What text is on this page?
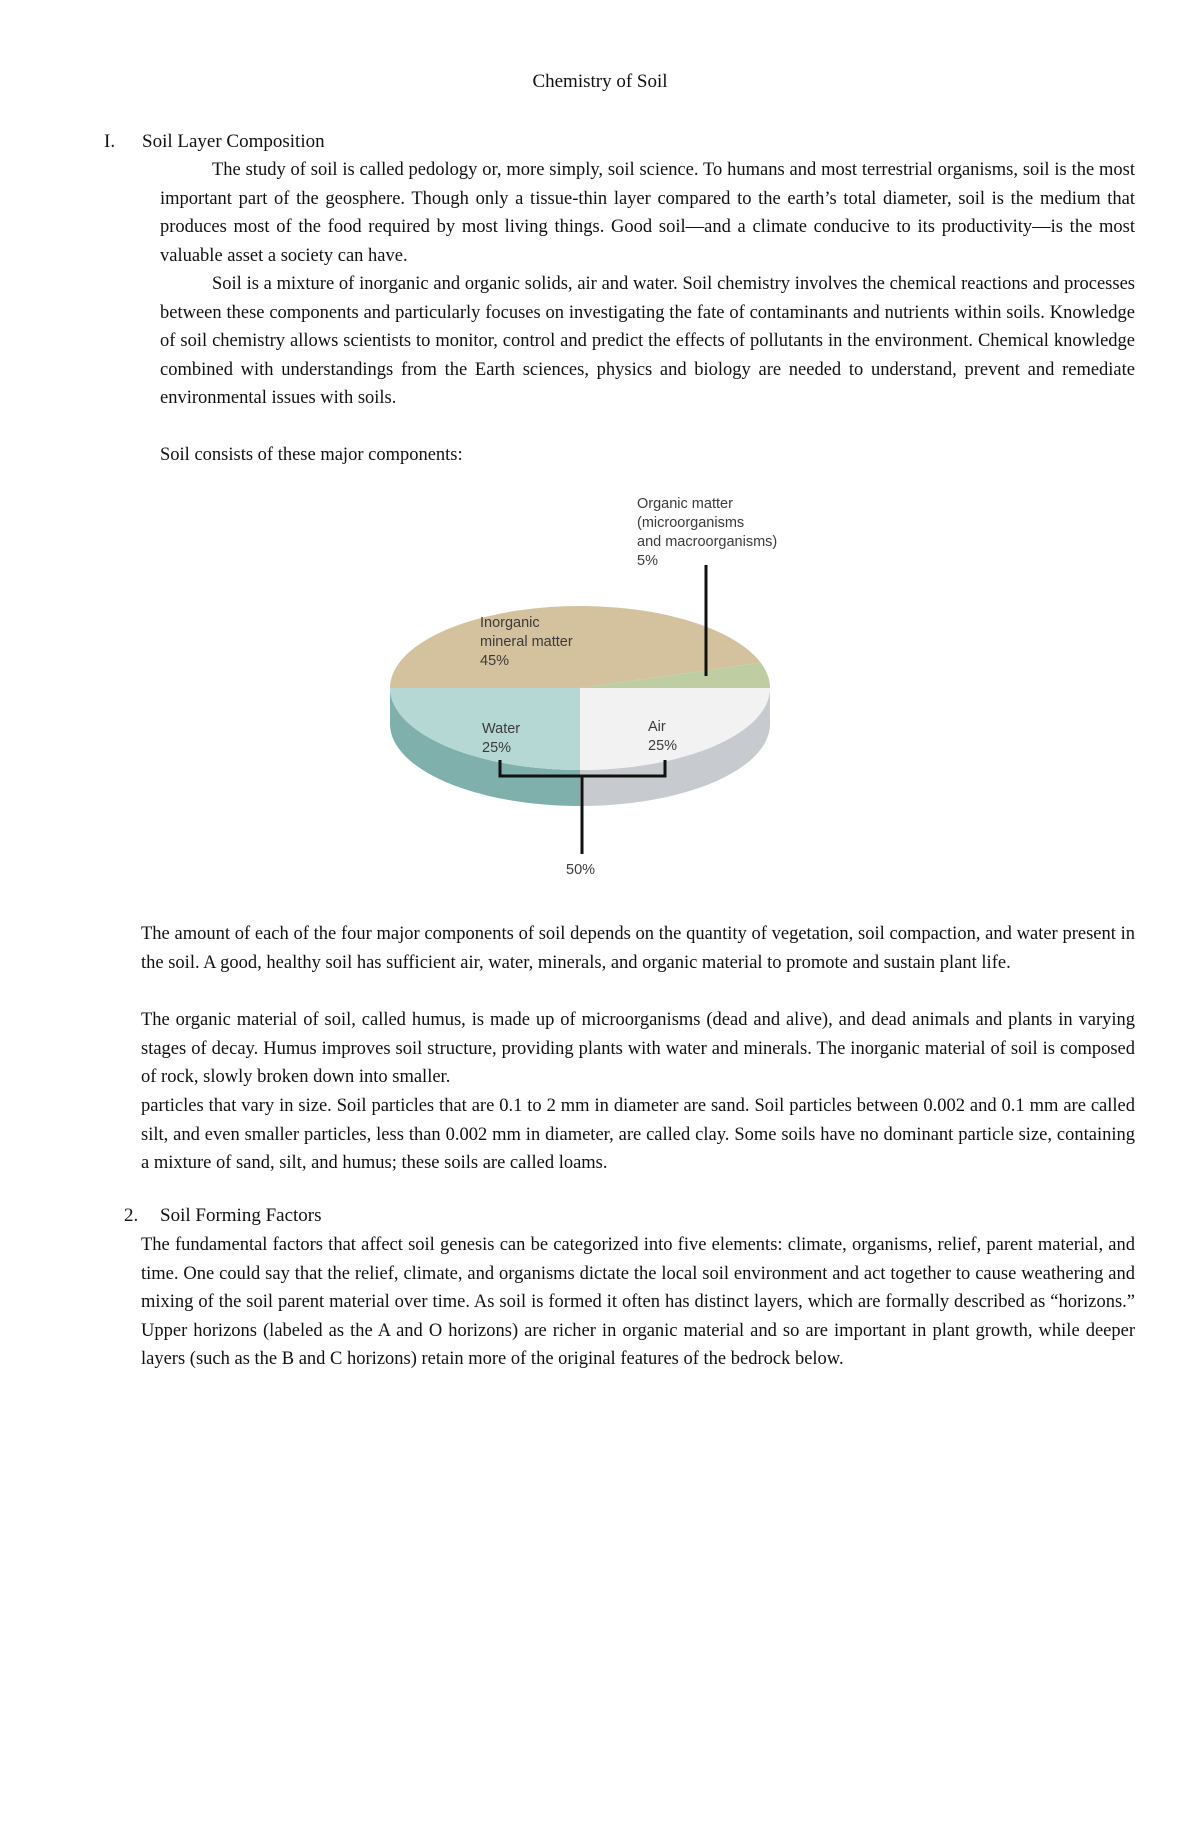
Chemistry of Soil
I. Soil Layer Composition

The study of soil is called pedology or, more simply, soil science. To humans and most terrestrial organisms, soil is the most important part of the geosphere. Though only a tissue-thin layer compared to the earth’s total diameter, soil is the medium that produces most of the food required by most living things. Good soil—and a climate conducive to its productivity—is the most valuable asset a society can have.

Soil is a mixture of inorganic and organic solids, air and water. Soil chemistry involves the chemical reactions and processes between these components and particularly focuses on investigating the fate of contaminants and nutrients within soils. Knowledge of soil chemistry allows scientists to monitor, control and predict the effects of pollutants in the environment. Chemical knowledge combined with understandings from the Earth sciences, physics and biology are needed to understand, prevent and remediate environmental issues with soils.

Soil consists of these major components:

Inorganic mineral matter 45%
Organic matter (microorganisms and macroorganisms) 5%
Water 25%
Air 25%
50%

The amount of each of the four major components of soil depends on the quantity of vegetation, soil compaction, and water present in the soil. A good, healthy soil has sufficient air, water, minerals, and organic material to promote and sustain plant life.

The organic material of soil, called humus, is made up of microorganisms (dead and alive), and dead animals and plants in varying stages of decay. Humus improves soil structure, providing plants with water and minerals. The inorganic material of soil is composed of rock, slowly broken down into smaller.

particles that vary in size. Soil particles that are 0.1 to 2 mm in diameter are sand. Soil particles between 0.002 and 0.1 mm are called silt, and even smaller particles, less than 0.002 mm in diameter, are called clay. Some soils have no dominant particle size, containing a mixture of sand, silt, and humus; these soils are called loams.

2. Soil Forming Factors

The fundamental factors that affect soil genesis can be categorized into five elements: climate, organisms, relief, parent material, and time. One could say that the relief, climate, and organisms dictate the local soil environment and act together to cause weathering and mixing of the soil parent material over time. As soil is formed it often has distinct layers, which are formally described as “horizons.” Upper horizons (labeled as the A and O horizons) are richer in organic material and so are important in plant growth, while deeper layers (such as the B and C horizons) retain more of the original features of the bedrock below.
